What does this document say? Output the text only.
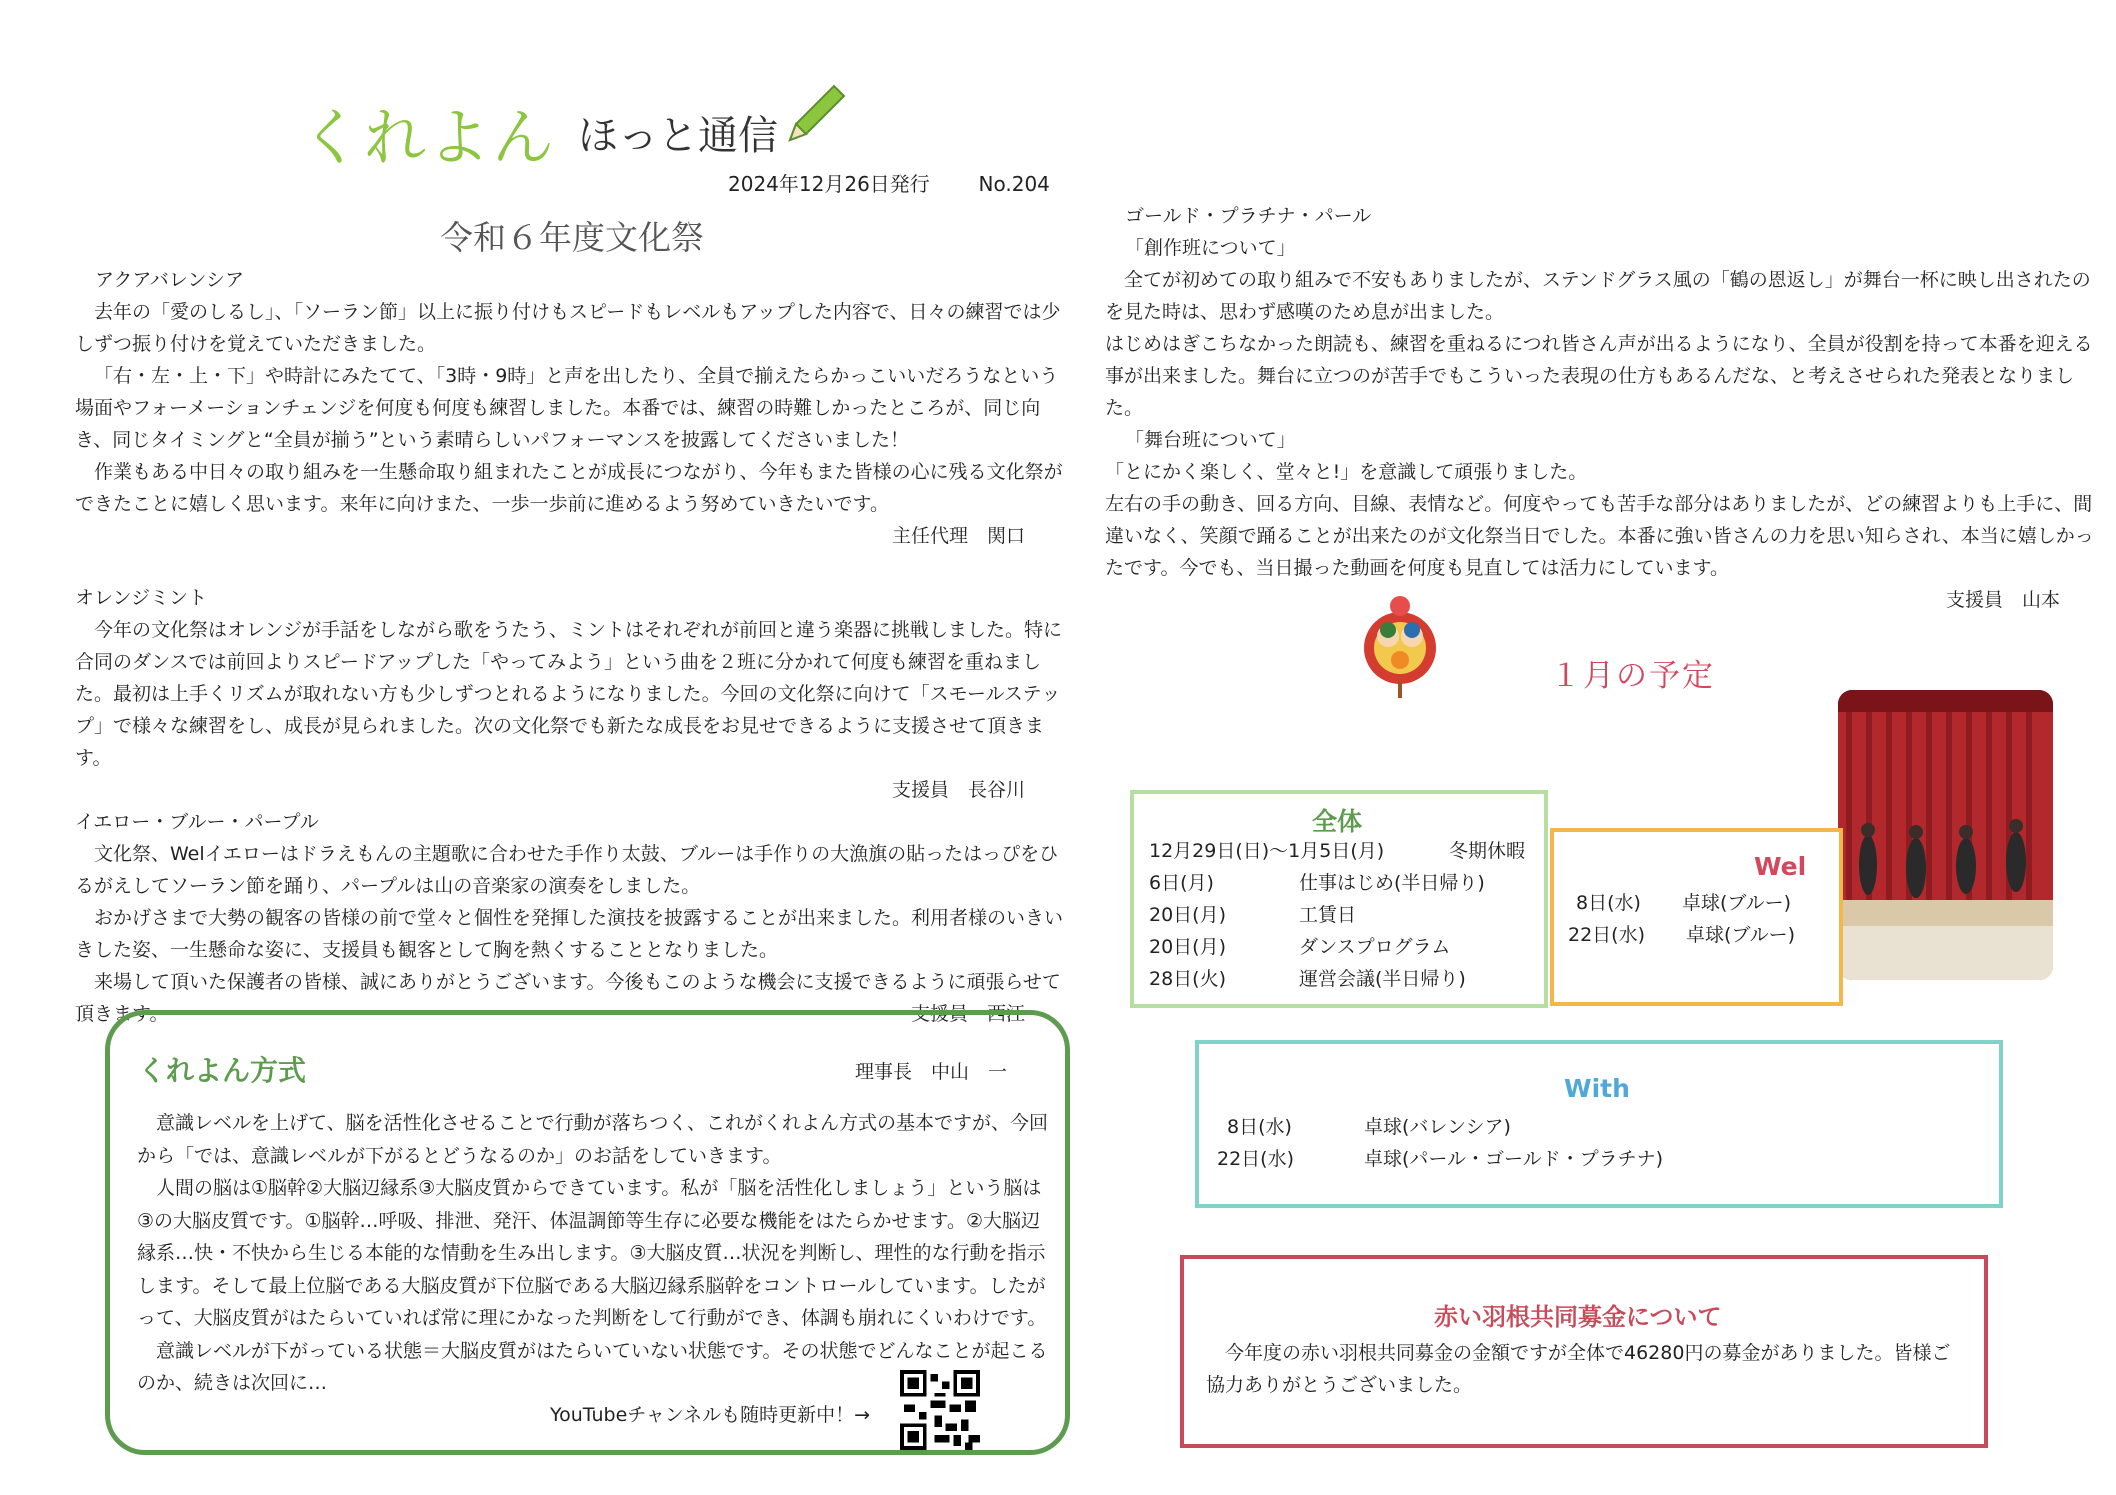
くれよん ほっと通信
2024年12月26日発行 No.204
令和６年度文化祭

アクアバレンシア

去年の「愛のしるし」、「ソーラン節」以上に振り付けもスピードもレベルもアップした内容で、日々の練習では少しずつ振り付けを覚えていただきました。

「右・左・上・下」や時計にみたてて、「3時・9時」と声を出したり、全員で揃えたらかっこいいだろうなという場面やフォーメーションチェンジを何度も何度も練習しました。本番では、練習の時難しかったところが、同じ向き、同じタイミングと“全員が揃う”という素晴らしいパフォーマンスを披露してくださいました！

作業もある中日々の取り組みを一生懸命取り組まれたことが成長につながり、今年もまた皆様の心に残る文化祭ができたことに嬉しく思います。来年に向けまた、一歩一歩前に進めるよう努めていきたいです。

主任代理　関口

オレンジミント

今年の文化祭はオレンジが手話をしながら歌をうたう、ミントはそれぞれが前回と違う楽器に挑戦しました。特に合同のダンスでは前回よりスピードアップした「やってみよう」という曲を２班に分かれて何度も練習を重ねました。最初は上手くリズムが取れない方も少しずつとれるようになりました。今回の文化祭に向けて「スモールステップ」で様々な練習をし、成長が見られました。次の文化祭でも新たな成長をお見せできるように支援させて頂きます。

支援員　長谷川

イエロー・ブルー・パープル

文化祭、Welイエローはドラえもんの主題歌に合わせた手作り太鼓、ブルーは手作りの大漁旗の貼ったはっぴをひるがえしてソーラン節を踊り、パープルは山の音楽家の演奏をしました。

おかげさまで大勢の観客の皆様の前で堂々と個性を発揮した演技を披露することが出来ました。利用者様のいきいきした姿、一生懸命な姿に、支援員も観客として胸を熱くすることとなりました。

来場して頂いた保護者の皆様、誠にありがとうございます。今後もこのような機会に支援できるように頑張らせて頂きます。	支援員　西江

くれよん方式	理事長　中山　一

意識レベルを上げて、脳を活性化させることで行動が落ちつく、これがくれよん方式の基本ですが、今回から「では、意識レベルが下がるとどうなるのか」のお話をしていきます。

人間の脳は①脳幹②大脳辺縁系③大脳皮質からできています。私が「脳を活性化しましょう」という脳は③の大脳皮質です。①脳幹…呼吸、排泄、発汗、体温調節等生存に必要な機能をはたらかせます。②大脳辺縁系…快・不快から生じる本能的な情動を生み出します。③大脳皮質…状況を判断し、理性的な行動を指示します。そして最上位脳である大脳皮質が下位脳である大脳辺縁系脳幹をコントロールしています。したがって、大脳皮質がはたらいていれば常に理にかなった判断をして行動ができ、体調も崩れにくいわけです。

意識レベルが下がっている状態＝大脳皮質がはたらいていない状態です。その状態でどんなことが起こるのか、続きは次回に…

YouTubeチャンネルも随時更新中！→

ゴールド・プラチナ・パール

「創作班について」

全てが初めての取り組みで不安もありましたが、ステンドグラス風の「鶴の恩返し」が舞台一杯に映し出されたのを見た時は、思わず感嘆のため息が出ました。

はじめはぎこちなかった朗読も、練習を重ねるにつれ皆さん声が出るようになり、全員が役割を持って本番を迎える事が出来ました。舞台に立つのが苦手でもこういった表現の仕方もあるんだな、と考えさせられた発表となりました。

「舞台班について」

「とにかく楽しく、堂々と!」を意識して頑張りました。

左右の手の動き、回る方向、目線、表情など。何度やっても苦手な部分はありましたが、どの練習よりも上手に、間違いなく、笑顔で踊ることが出来たのが文化祭当日でした。本番に強い皆さんの力を思い知らされ、本当に嬉しかったです。今でも、当日撮った動画を何度も見直しては活力にしています。

支援員　山本

１月の予定
全体
12月29日(日)～1月5日(月)	冬期休暇
6日(月)	仕事はじめ(半日帰り)
20日(月)	工賃日
20日(月)	ダンスプログラム
28日(火)	運営会議(半日帰り)
Wel
8日(水) 卓球(ブルー)
22日(水) 卓球(ブルー)
With
8日(水)	卓球(バレンシア)
22日(水)	卓球(パール・ゴールド・プラチナ)
赤い羽根共同募金について
今年度の赤い羽根共同募金の金額ですが全体で46280円の募金がありました。皆様ご協力ありがとうございました。
